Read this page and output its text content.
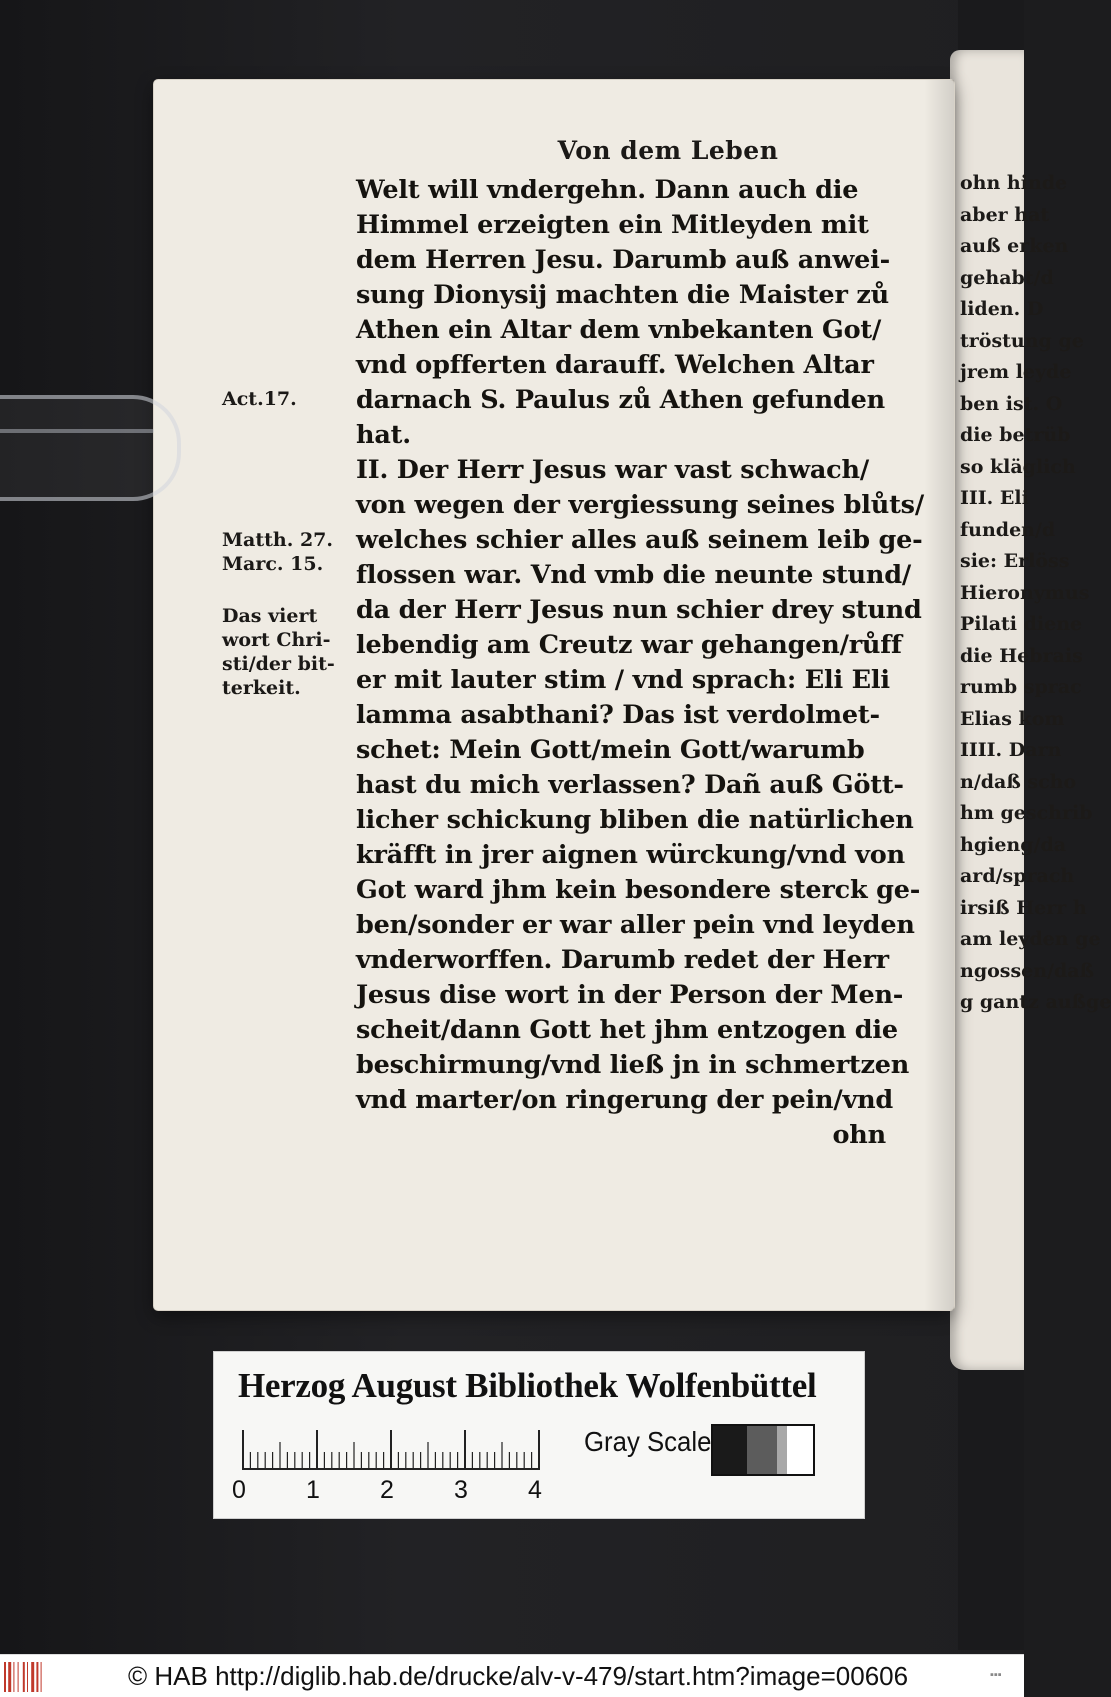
ohn hinde
aber hat
auß erken
gehabt/d
liden. D
tröstung ge
jrem leyde
ben ist. O
die betrüb
so kläglich
III. Eli
funden/d
sie: Erlöss
Hieronymus
Pilati diene
die Hebrais
rumb sprac
Elias kom
IIII. Darn
n/daß scho
hm geschrib
hgieng/da
ard/sprach
irsiß Herr h
am leyden ge
ngossen/daß
g gantz außge
Von dem Leben
Act.17.
Matth. 27.
Marc. 15.
Das viert
wort Chri-
sti/der bit-
terkeit.
Welt will vndergehn. Dann auch die
Himmel erzeigten ein Mitleyden mit
dem Herren Jesu. Darumb auß anwei-
sung Dionysij machten die Maister zů
Athen ein Altar dem vnbekanten Got/
vnd opfferten darauff. Welchen Altar
darnach S. Paulus zů Athen gefunden
hat.
II. Der Herr Jesus war vast schwach/
von wegen der vergiessung seines blůts/
welches schier alles auß seinem leib ge-
flossen war. Vnd vmb die neunte stund/
da der Herr Jesus nun schier drey stund
lebendig am Creutz war gehangen/růff
er mit lauter stim / vnd sprach: Eli Eli
lamma asabthani? Das ist verdolmet-
schet: Mein Gott/mein Gott/warumb
hast du mich verlassen? Dañ auß Gött-
licher schickung bliben die natürlichen
kräfft in jrer aignen würckung/vnd von
Got ward jhm kein besondere sterck ge-
ben/sonder er war aller pein vnd leyden
vnderworffen. Darumb redet der Herr
Jesus dise wort in der Person der Men-
scheit/dann Gott het jhm entzogen die
beschirmung/vnd ließ jn in schmertzen
vnd marter/on ringerung der pein/vnd
ohn
Herzog August Bibliothek Wolfenbüttel
0 1 2 3 4
Gray Scale
© HAB http://diglib.hab.de/drucke/alv-v-479/start.htm?image=00606	▪▪▪
